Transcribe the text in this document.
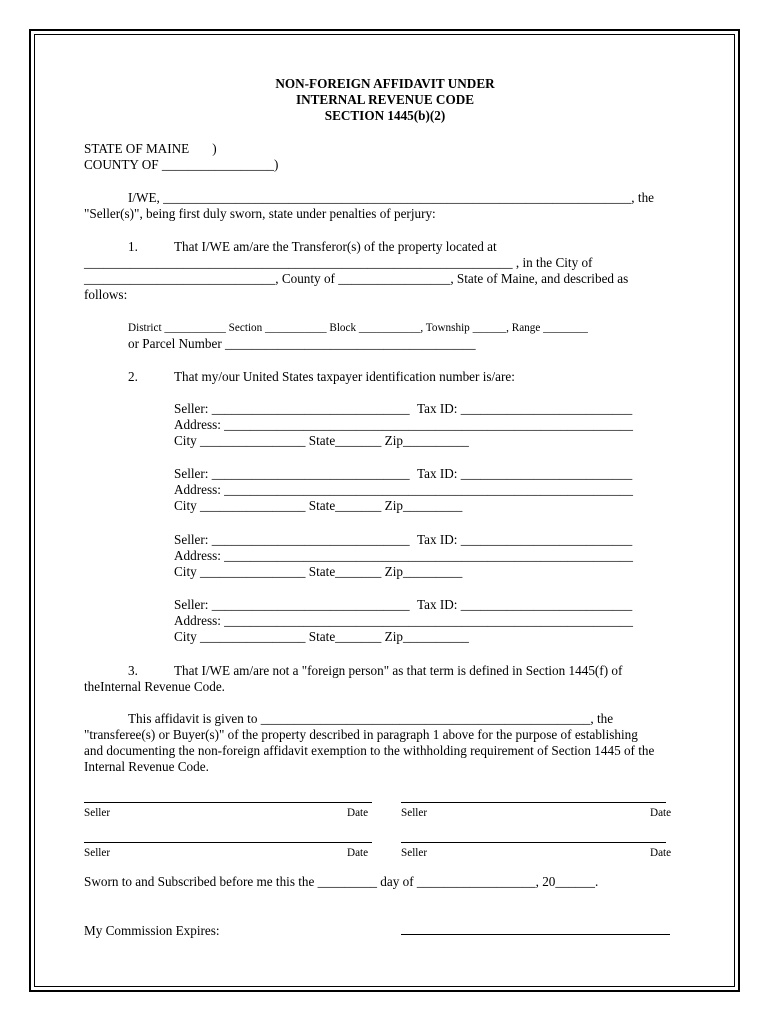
NON-FOREIGN AFFIDAVIT UNDER
INTERNAL REVENUE CODE
SECTION 1445(b)(2)
STATE OF MAINE       )
COUNTY OF _________________)
I/WE, _______________________________________________________________________, the
"Seller(s)", being first duly sworn, state under penalties of perjury:
1.	That I/WE am/are the Transferor(s) of the property located at
_________________________________________________________________ , in the City of
_____________________________, County of _________________, State of Maine, and described as
follows:
District ___________ Section ___________ Block ___________, Township ______, Range ________
or Parcel Number ______________________________________
2.	That my/our United States taxpayer identification number is/are:
Seller: ______________________________ Tax ID: __________________________
Address: ______________________________________________________________
City ________________ State_______ Zip__________
Seller: ______________________________ Tax ID: __________________________
Address: ______________________________________________________________
City ________________ State_______ Zip_________
Seller: ______________________________ Tax ID: __________________________
Address: ______________________________________________________________
City ________________ State_______ Zip_________
Seller: ______________________________ Tax ID: __________________________
Address: ______________________________________________________________
City ________________ State_______ Zip__________
3.	That I/WE am/are not a "foreign person" as that term is defined in Section 1445(f) of
theInternal Revenue Code.
This affidavit is given to __________________________________________________, the
"transferee(s) or Buyer(s)" of the property described in paragraph 1 above for the purpose of establishing
and documenting the non-foreign affidavit exemption to the withholding requirement of Section 1445 of the
Internal Revenue Code.
Seller	Date	Seller	Date
Seller	Date	Seller	Date
Sworn to and Subscribed before me this the _________ day of __________________, 20______.
My Commission Expires:
